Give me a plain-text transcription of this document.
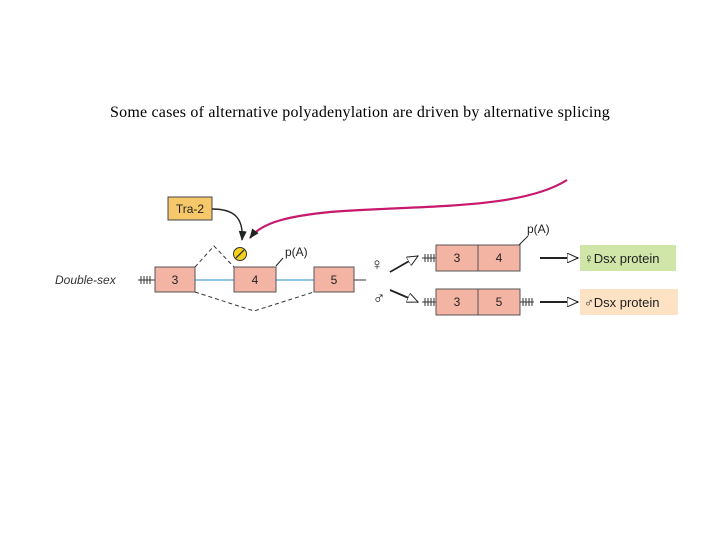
Some cases of alternative polyadenylation are driven by alternative splicing
Tra-2
p(A)
Double-sex	3	4	5
♀
♂
3	4
p(A)
3	5
♀Dsx protein
♂Dsx protein
